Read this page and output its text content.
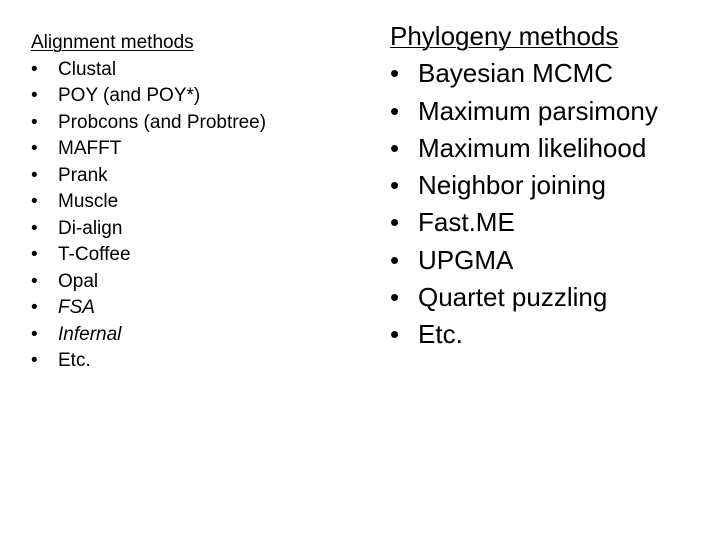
Alignment methods
• Clustal
• POY (and POY*)
• Probcons (and Probtree)
• MAFFT
• Prank
• Muscle
• Di-align
• T-Coffee
• Opal
• FSA
• Infernal
• Etc.
Phylogeny methods
• Bayesian MCMC
• Maximum parsimony
• Maximum likelihood
• Neighbor joining
• Fast.ME
• UPGMA
• Quartet puzzling
• Etc.
